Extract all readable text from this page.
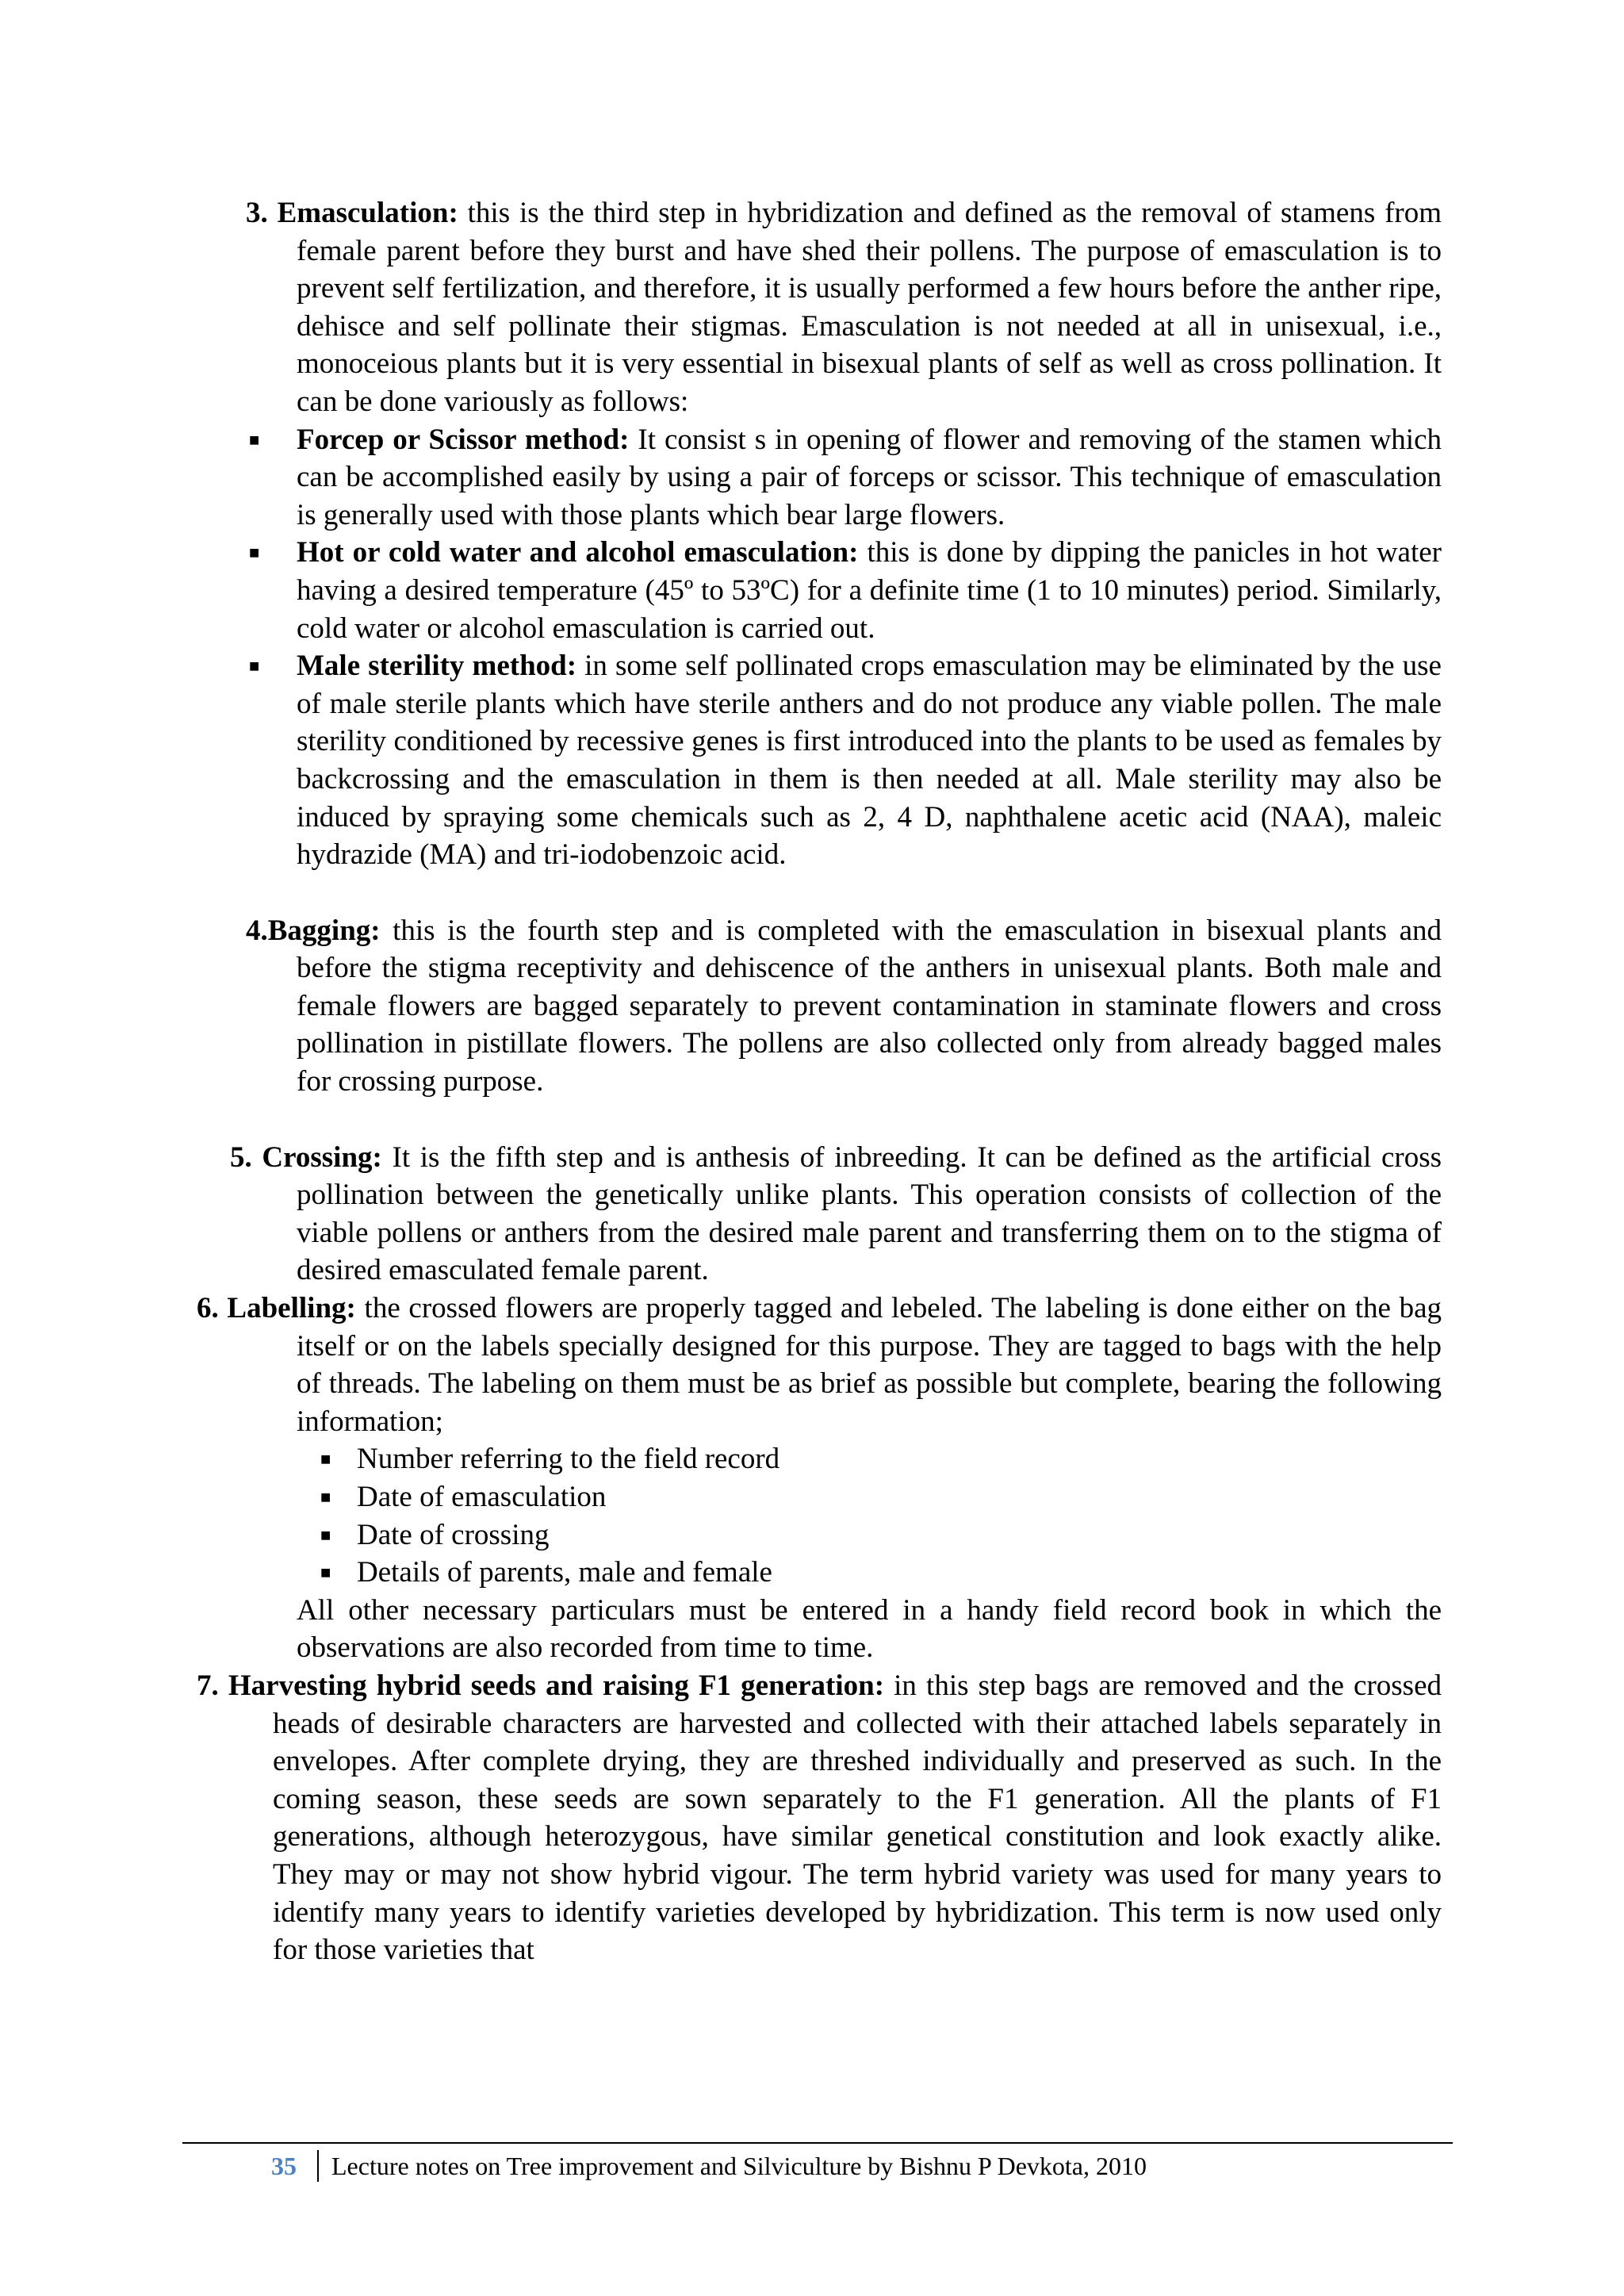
3. Emasculation: this is the third step in hybridization and defined as the removal of stamens from female parent before they burst and have shed their pollens. The purpose of emasculation is to prevent self fertilization, and therefore, it is usually performed a few hours before the anther ripe, dehisce and self pollinate their stigmas. Emasculation is not needed at all in unisexual, i.e., monoceious plants but it is very essential in bisexual plants of self as well as cross pollination. It can be done variously as follows:
■ Forcep or Scissor method: It consist s in opening of flower and removing of the stamen which can be accomplished easily by using a pair of forceps or scissor. This technique of emasculation is generally used with those plants which bear large flowers.
■ Hot or cold water and alcohol emasculation: this is done by dipping the panicles in hot water having a desired temperature (45º to 53ºC) for a definite time (1 to 10 minutes) period. Similarly, cold water or alcohol emasculation is carried out.
■ Male sterility method: in some self pollinated crops emasculation may be eliminated by the use of male sterile plants which have sterile anthers and do not produce any viable pollen. The male sterility conditioned by recessive genes is first introduced into the plants to be used as females by backcrossing and the emasculation in them is then needed at all. Male sterility may also be induced by spraying some chemicals such as 2, 4 D, naphthalene acetic acid (NAA), maleic hydrazide (MA) and tri-iodobenzoic acid.
4.Bagging: this is the fourth step and is completed with the emasculation in bisexual plants and before the stigma receptivity and dehiscence of the anthers in unisexual plants. Both male and female flowers are bagged separately to prevent contamination in staminate flowers and cross pollination in pistillate flowers. The pollens are also collected only from already bagged males for crossing purpose.
5. Crossing: It is the fifth step and is anthesis of inbreeding. It can be defined as the artificial cross pollination between the genetically unlike plants. This operation consists of collection of the viable pollens or anthers from the desired male parent and transferring them on to the stigma of desired emasculated female parent.
6. Labelling: the crossed flowers are properly tagged and lebeled. The labeling is done either on the bag itself or on the labels specially designed for this purpose. They are tagged to bags with the help of threads. The labeling on them must be as brief as possible but complete, bearing the following information;
■ Number referring to the field record
■ Date of emasculation
■ Date of crossing
■ Details of parents, male and female
All other necessary particulars must be entered in a handy field record book in which the observations are also recorded from time to time.
7. Harvesting hybrid seeds and raising F1 generation: in this step bags are removed and the crossed heads of desirable characters are harvested and collected with their attached labels separately in envelopes. After complete drying, they are threshed individually and preserved as such. In the coming season, these seeds are sown separately to the F1 generation. All the plants of F1 generations, although heterozygous, have similar genetical constitution and look exactly alike. They may or may not show hybrid vigour. The term hybrid variety was used for many years to identify many years to identify varieties developed by hybridization. This term is now used only for those varieties that
35 Lecture notes on Tree improvement and Silviculture by Bishnu P Devkota, 2010
